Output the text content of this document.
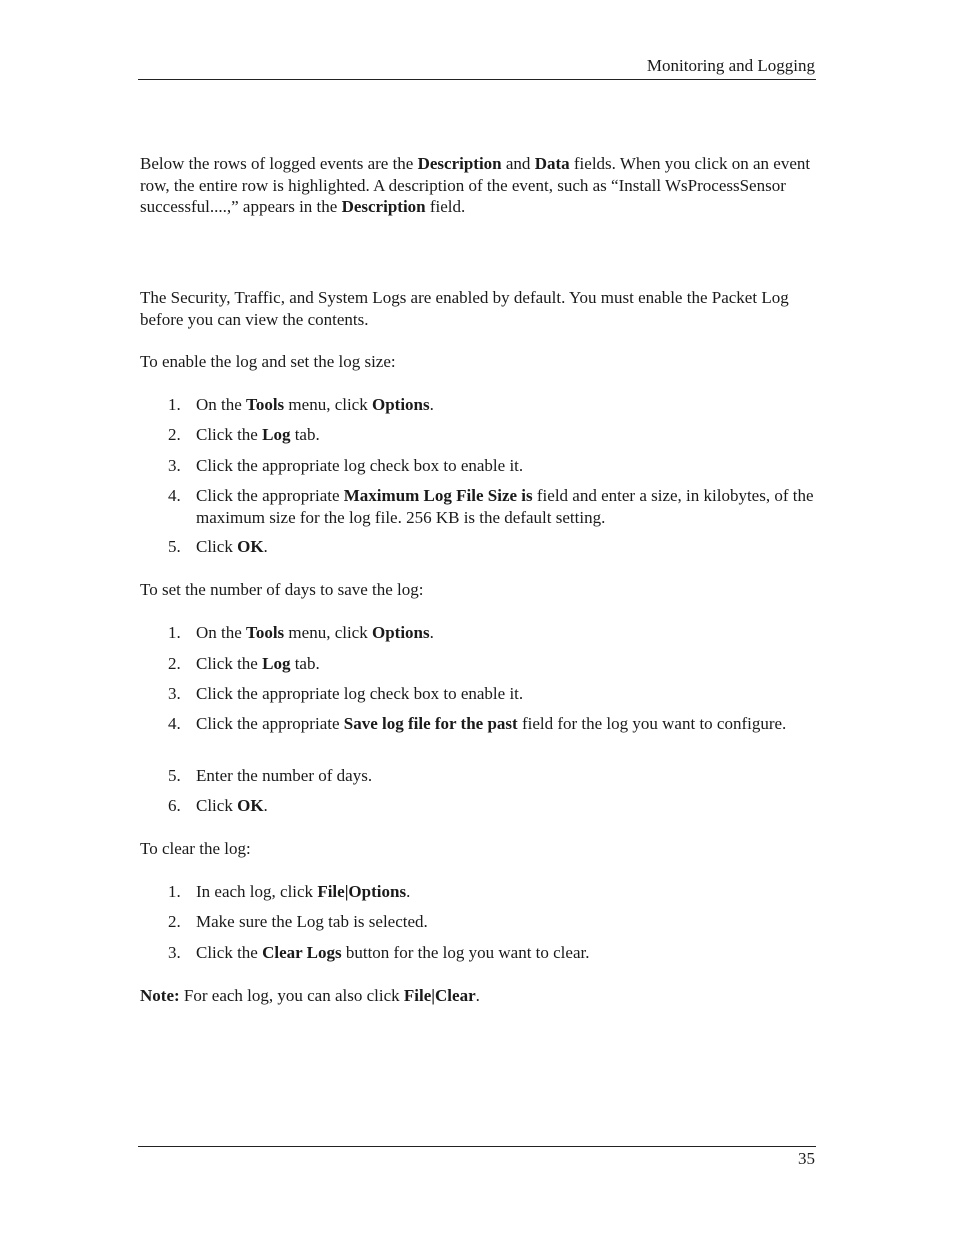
Monitoring and Logging

Below the rows of logged events are the Description and Data fields. When you click on an event row, the entire row is highlighted. A description of the event, such as “Install WsProcessSensor successful....,” appears in the Description field.

The Security, Traffic, and System Logs are enabled by default. You must enable the Packet Log before you can view the contents.

To enable the log and set the log size:

1. On the Tools menu, click Options.
2. Click the Log tab.
3. Click the appropriate log check box to enable it.
4. Click the appropriate Maximum Log File Size is field and enter a size, in kilobytes, of the maximum size for the log file. 256 KB is the default setting.
5. Click OK.

To set the number of days to save the log:

1. On the Tools menu, click Options.
2. Click the Log tab.
3. Click the appropriate log check box to enable it.
4. Click the appropriate Save log file for the past field for the log you want to configure.
5. Enter the number of days.
6. Click OK.

To clear the log:

1. In each log, click File|Options.
2. Make sure the Log tab is selected.
3. Click the Clear Logs button for the log you want to clear.

Note: For each log, you can also click File|Clear.

35
